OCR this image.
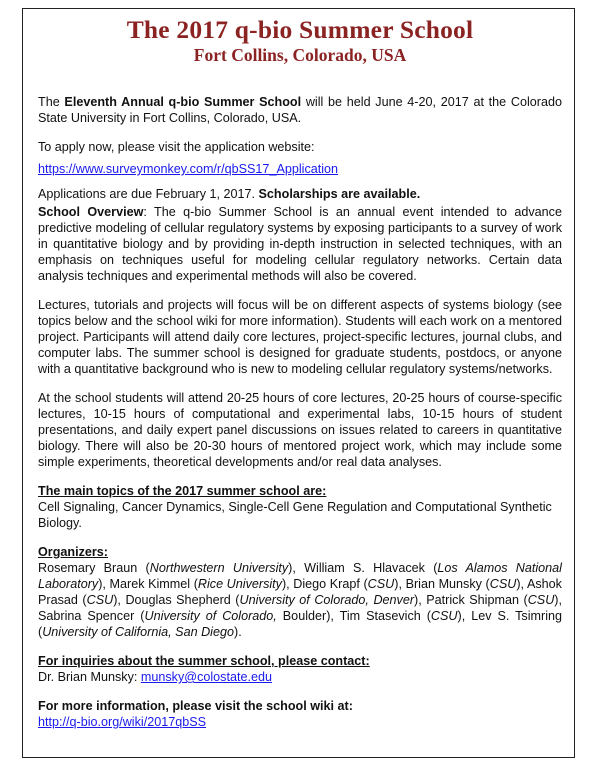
The 2017 q-bio Summer School
Fort Collins, Colorado, USA

The Eleventh Annual q-bio Summer School will be held June 4-20, 2017 at the Colorado State University in Fort Collins, Colorado, USA.

To apply now, please visit the application website:

https://www.surveymonkey.com/r/qbSS17_Application

Applications are due February 1, 2017. Scholarships are available.

School Overview: The q-bio Summer School is an annual event intended to advance predictive modeling of cellular regulatory systems by exposing participants to a survey of work in quantitative biology and by providing in-depth instruction in selected techniques, with an emphasis on techniques useful for modeling cellular regulatory networks. Certain data analysis techniques and experimental methods will also be covered.

Lectures, tutorials and projects will focus will be on different aspects of systems biology (see topics below and the school wiki for more information). Students will each work on a mentored project. Participants will attend daily core lectures, project-specific lectures, journal clubs, and computer labs. The summer school is designed for graduate students, postdocs, or anyone with a quantitative background who is new to modeling cellular regulatory systems/networks.

At the school students will attend 20-25 hours of core lectures, 20-25 hours of course-specific lectures, 10-15 hours of computational and experimental labs, 10-15 hours of student presentations, and daily expert panel discussions on issues related to careers in quantitative biology. There will also be 20-30 hours of mentored project work, which may include some simple experiments, theoretical developments and/or real data analyses.

The main topics of the 2017 summer school are:
Cell Signaling, Cancer Dynamics, Single-Cell Gene Regulation and Computational Synthetic Biology.

Organizers:
Rosemary Braun (Northwestern University), William S. Hlavacek (Los Alamos National Laboratory), Marek Kimmel (Rice University), Diego Krapf (CSU), Brian Munsky (CSU), Ashok Prasad (CSU), Douglas Shepherd (University of Colorado, Denver), Patrick Shipman (CSU), Sabrina Spencer (University of Colorado, Boulder), Tim Stasevich (CSU), Lev S. Tsimring (University of California, San Diego).

For inquiries about the summer school, please contact:
Dr. Brian Munsky: munsky@colostate.edu

For more information, please visit the school wiki at:
http://q-bio.org/wiki/2017qbSS
